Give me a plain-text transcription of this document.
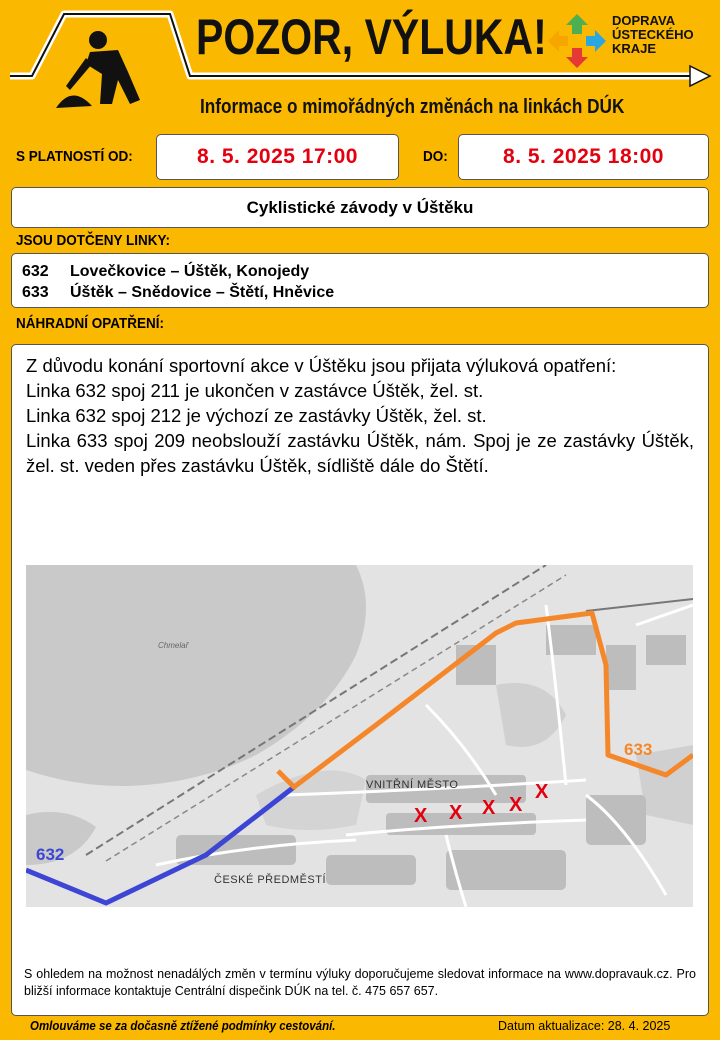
POZOR, VÝLUKA!
Informace o mimořádných změnách na linkách DÚK
DOPRAVA
ÚSTECKÉHO
KRAJE
S PLATNOSTÍ OD:	8. 5. 2025 17:00	DO:	8. 5. 2025 18:00
Cyklistické závody v Úštěku
JSOU DOTČENY LINKY:
632	Lovečkovice – Úštěk, Konojedy
633	Úštěk – Snědovice – Štětí, Hněvice
NÁHRADNÍ OPATŘENÍ:

Z důvodu konání sportovní akce v Úštěku jsou přijata výluková opatření:

Linka 632 spoj 211 je ukončen v zastávce Úštěk, žel. st.

Linka 632 spoj 212 je výchozí ze zastávky Úštěk, žel. st.

Linka 633 spoj 209 neobslouží zastávku Úštěk, nám. Spoj je ze zastávky Úštěk, žel. st. veden přes zastávku Úštěk, sídliště dále do Štětí.

632
633
VNITŘNÍ MĚSTO
ČESKÉ PŘEDMĚSTÍ
Chmelař
X X X X
X
S ohledem na možnost nenadálých změn v termínu výluky doporučujeme sledovat informace na www.dopravauk.cz. Pro bližší informace kontaktuje Centrální dispečink DÚK na tel. č. 475 657 657.
Omlouváme se za dočasně ztížené podmínky cestování.	Datum aktualizace: 28. 4. 2025
